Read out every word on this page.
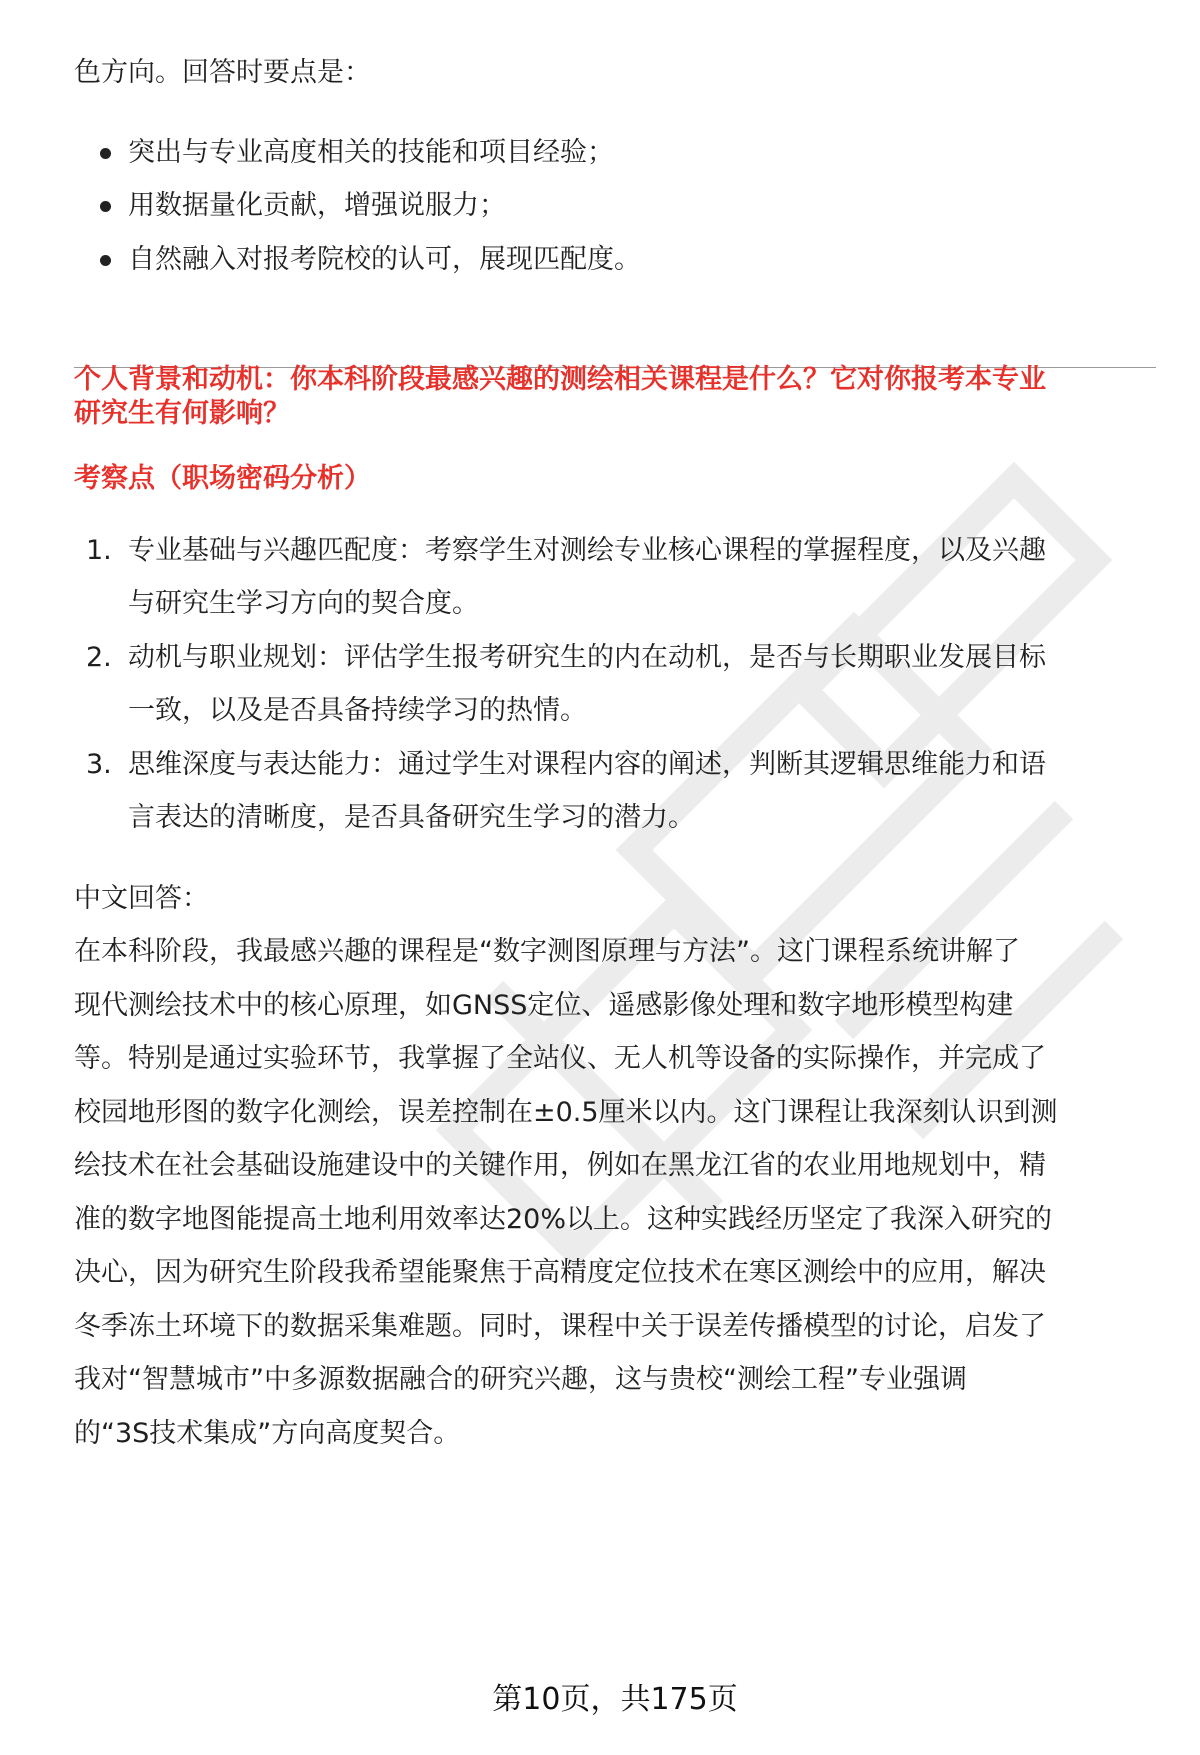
色方向。回答时要点是：
突出与专业高度相关的技能和项目经验；
用数据量化贡献，增强说服力；
自然融入对报考院校的认可，展现匹配度。
个人背景和动机：你本科阶段最感兴趣的测绘相关课程是什么？它对你报考本专业
研究生有何影响？
考察点（职场密码分析）
1. 专业基础与兴趣匹配度：考察学生对测绘专业核心课程的掌握程度，以及兴趣
与研究生学习方向的契合度。
2. 动机与职业规划：评估学生报考研究生的内在动机，是否与长期职业发展目标
一致，以及是否具备持续学习的热情。
3. 思维深度与表达能力：通过学生对课程内容的阐述，判断其逻辑思维能力和语
言表达的清晰度，是否具备研究生学习的潜力。
中文回答：
在本科阶段，我最感兴趣的课程是“数字测图原理与方法”。这门课程系统讲解了
现代测绘技术中的核心原理，如GNSS定位、遥感影像处理和数字地形模型构建
等。特别是通过实验环节，我掌握了全站仪、无人机等设备的实际操作，并完成了
校园地形图的数字化测绘，误差控制在±0.5厘米以内。这门课程让我深刻认识到测
绘技术在社会基础设施建设中的关键作用，例如在黑龙江省的农业用地规划中，精
准的数字地图能提高土地利用效率达20%以上。这种实践经历坚定了我深入研究的
决心，因为研究生阶段我希望能聚焦于高精度定位技术在寒区测绘中的应用，解决
冬季冻土环境下的数据采集难题。同时，课程中关于误差传播模型的讨论，启发了
我对“智慧城市”中多源数据融合的研究兴趣，这与贵校“测绘工程”专业强调
的“3S技术集成”方向高度契合。
第10页，共175页
